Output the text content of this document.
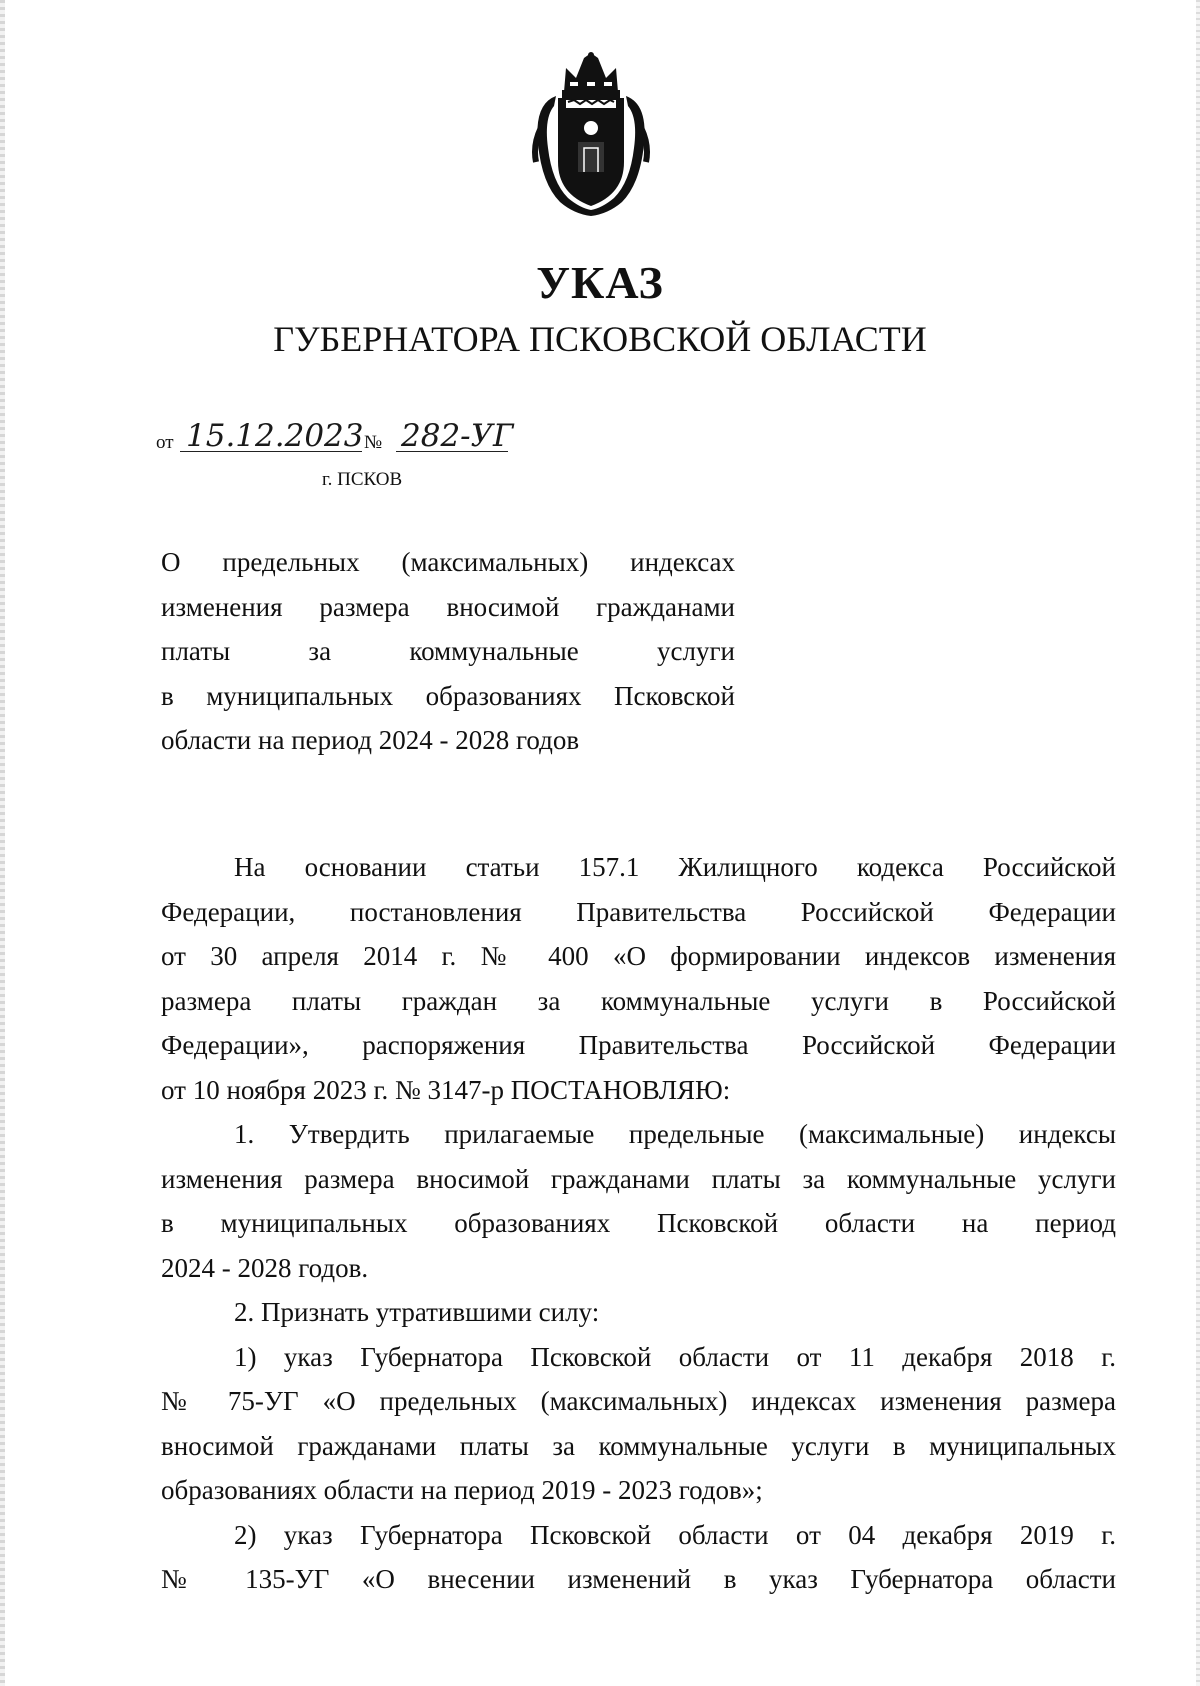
УКАЗ
ГУБЕРНАТОРА ПСКОВСКОЙ ОБЛАСТИ
от 15.12.2023 № 282-УГ
г. ПСКОВ
О предельных (максимальных) индексах
изменения размера вносимой гражданами
платы за коммунальные услуги
в муниципальных образованиях Псковской
области на период 2024 - 2028 годов
На основании статьи 157.1 Жилищного кодекса Российской
Федерации, постановления Правительства Российской Федерации
от 30 апреля 2014 г. № 400 «О формировании индексов изменения
размера платы граждан за коммунальные услуги в Российской
Федерации», распоряжения Правительства Российской Федерации
от 10 ноября 2023 г. № 3147-р ПОСТАНОВЛЯЮ:
1. Утвердить прилагаемые предельные (максимальные) индексы
изменения размера вносимой гражданами платы за коммунальные услуги
в муниципальных образованиях Псковской области на период
2024 - 2028 годов.
2. Признать утратившими силу:
1) указ Губернатора Псковской области от 11 декабря 2018 г.
№ 75-УГ «О предельных (максимальных) индексах изменения размера
вносимой гражданами платы за коммунальные услуги в муниципальных
образованиях области на период 2019 - 2023 годов»;
2) указ Губернатора Псковской области от 04 декабря 2019 г.
№ 135-УГ «О внесении изменений в указ Губернатора области
